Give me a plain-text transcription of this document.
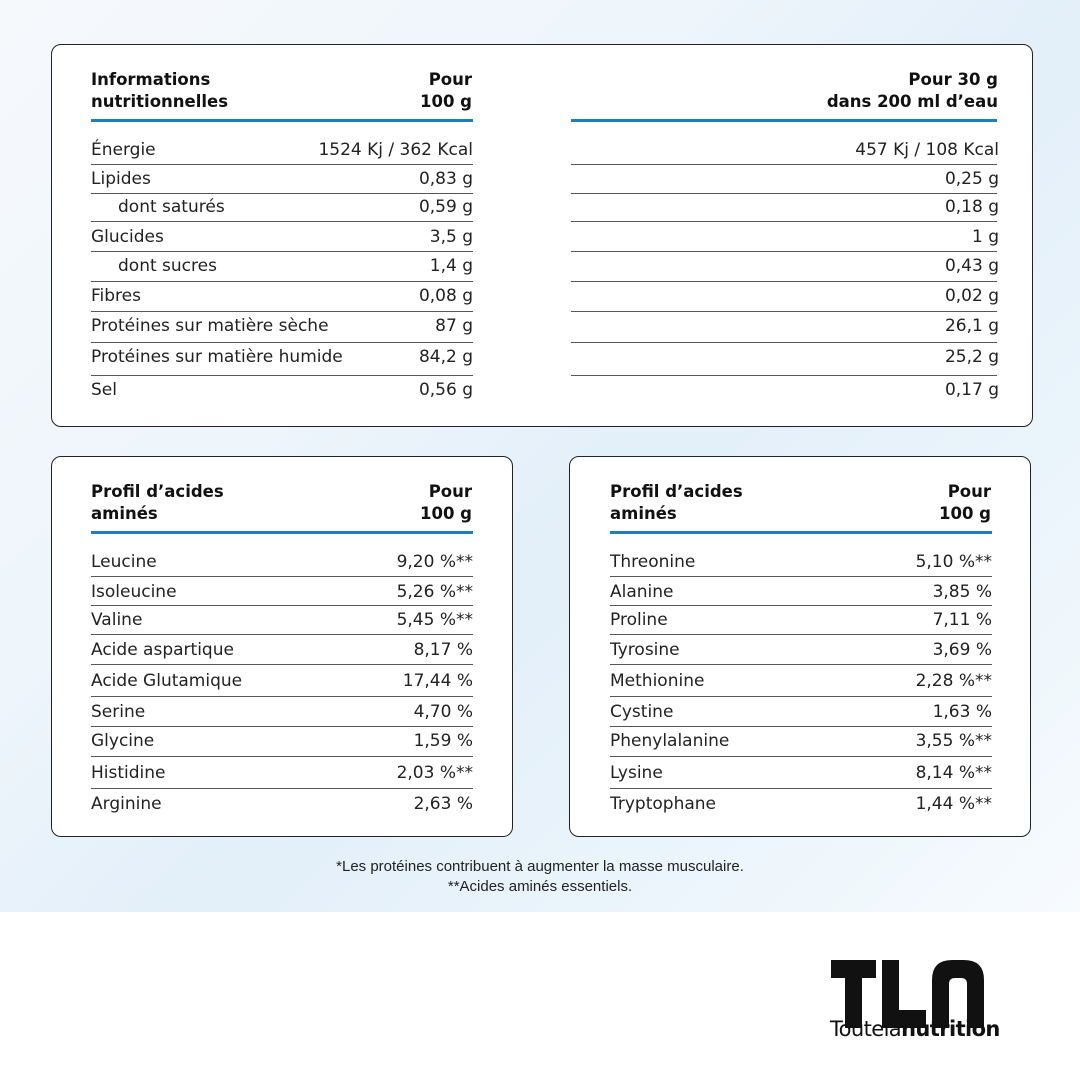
Informations
nutritionnelles
Pour
100 g
Pour 30 g
dans 200 ml d’eau
Énergie	1524 Kj / 362 Kcal	457 Kj / 108 Kcal
Lipides	0,83 g	0,25 g
dont saturés	0,59 g	0,18 g
Glucides	3,5 g	1 g
dont sucres	1,4 g	0,43 g
Fibres	0,08 g	0,02 g
Protéines sur matière sèche	87 g	26,1 g
Protéines sur matière humide	84,2 g	25,2 g
Sel	0,56 g	0,17 g
Profil d’acides
aminés
Pour
100 g
Leucine	9,20 %**
Isoleucine	5,26 %**
Valine	5,45 %**
Acide aspartique	8,17 %
Acide Glutamique	17,44 %
Serine	4,70 %
Glycine	1,59 %
Histidine	2,03 %**
Arginine	2,63 %
Profil d’acides
aminés
Pour
100 g
Threonine	5,10 %**
Alanine	3,85 %
Proline	7,11 %
Tyrosine	3,69 %
Methionine	2,28 %**
Cystine	1,63 %
Phenylalanine	3,55 %**
Lysine	8,14 %**
Tryptophane	1,44 %**
*Les protéines contribuent à augmenter la masse musculaire.
**Acides aminés essentiels.
Toutelanutrition
